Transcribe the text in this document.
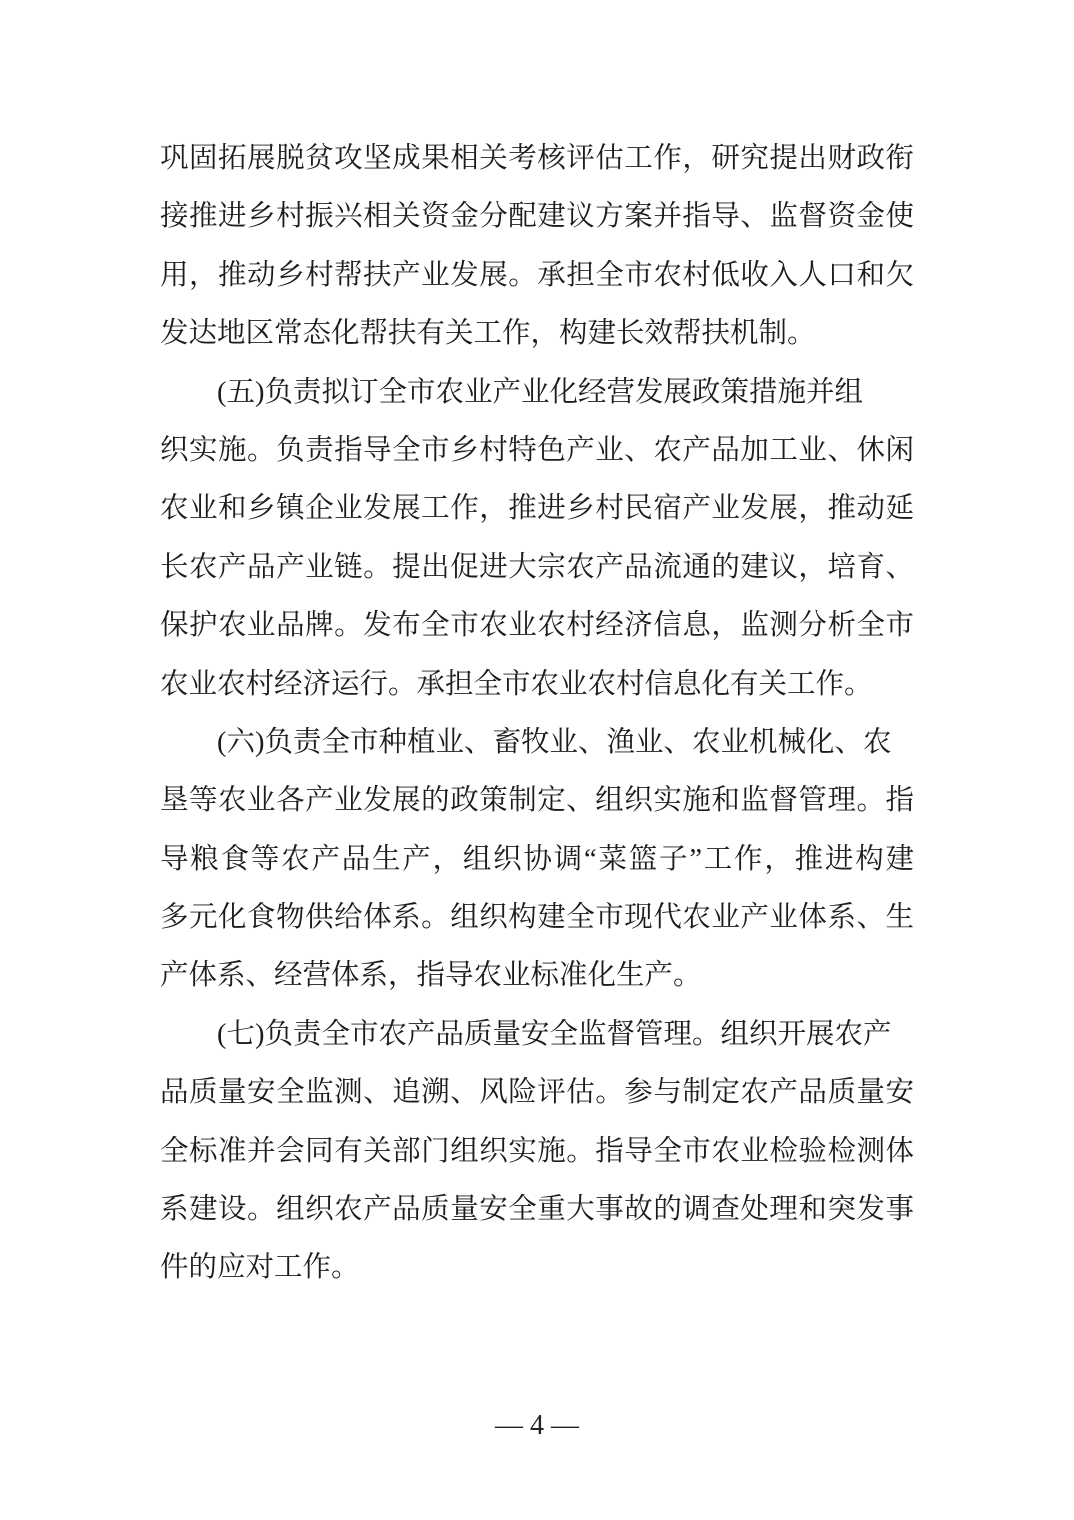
巩固拓展脱贫攻坚成果相关考核评估工作，研究提出财政衔
接推进乡村振兴相关资金分配建议方案并指导、监督资金使
用，推动乡村帮扶产业发展。承担全市农村低收入人口和欠
发达地区常态化帮扶有关工作，构建长效帮扶机制。
(五)负责拟订全市农业产业化经营发展政策措施并组
织实施。负责指导全市乡村特色产业、农产品加工业、休闲
农业和乡镇企业发展工作，推进乡村民宿产业发展，推动延
长农产品产业链。提出促进大宗农产品流通的建议，培育、
保护农业品牌。发布全市农业农村经济信息，监测分析全市
农业农村经济运行。承担全市农业农村信息化有关工作。
(六)负责全市种植业、畜牧业、渔业、农业机械化、农
垦等农业各产业发展的政策制定、组织实施和监督管理。指
导粮食等农产品生产，组织协调“菜篮子”工作，推进构建
多元化食物供给体系。组织构建全市现代农业产业体系、生
产体系、经营体系，指导农业标准化生产。
(七)负责全市农产品质量安全监督管理。组织开展农产
品质量安全监测、追溯、风险评估。参与制定农产品质量安
全标准并会同有关部门组织实施。指导全市农业检验检测体
系建设。组织农产品质量安全重大事故的调查处理和突发事
件的应对工作。
— 4 —
